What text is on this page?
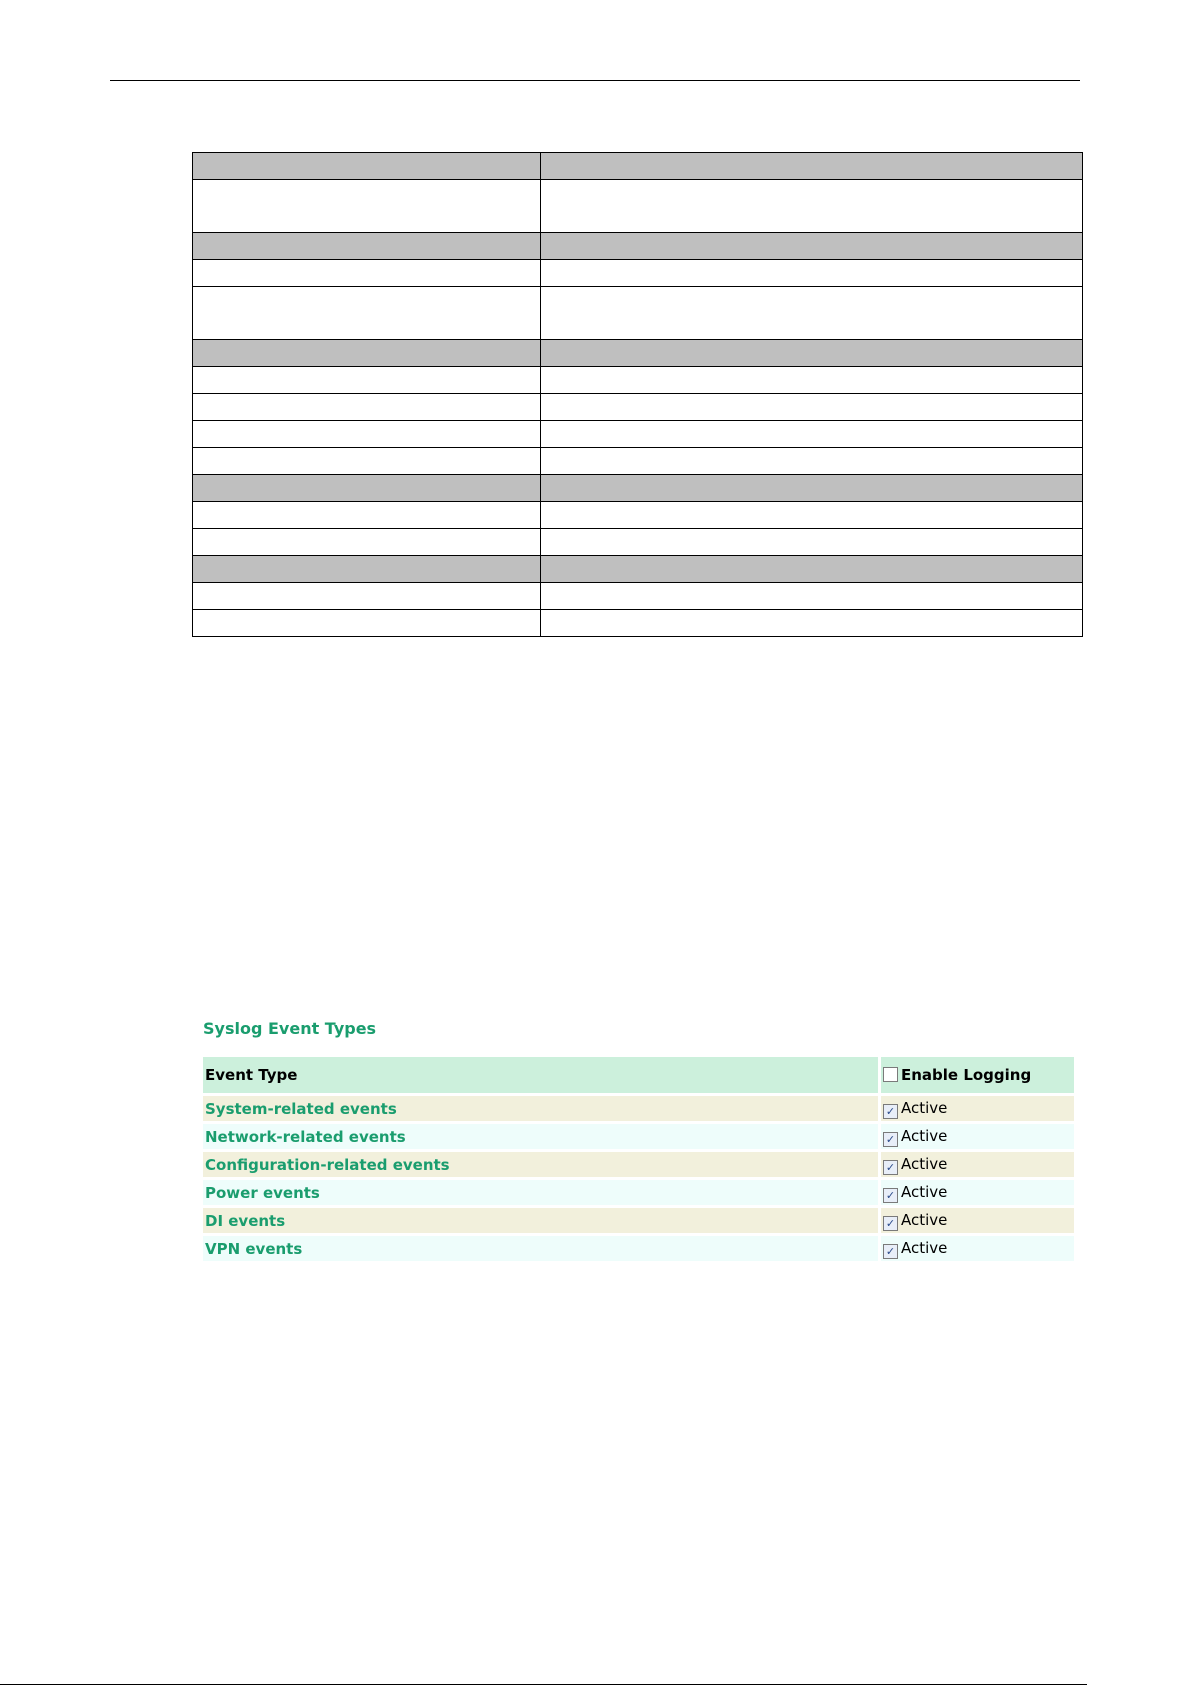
Syslog Event Types
Event Type	Enable Logging
System-related events	✓ Active
Network-related events	✓ Active
Configuration-related events	✓ Active
Power events	✓ Active
DI events	✓ Active
VPN events	✓ Active
